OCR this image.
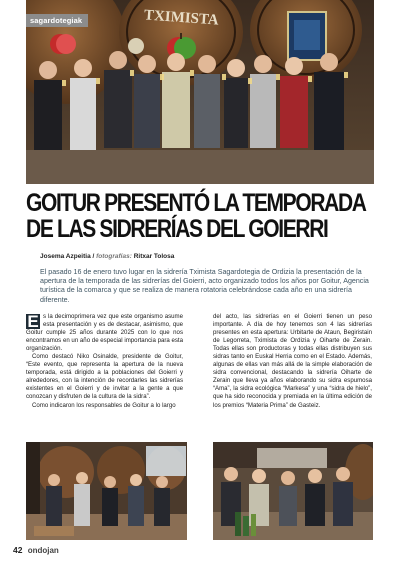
TXIMISTA
sagardotegiak
GOITUR PRESENTÓ LA TEMPORADA
DE LAS SIDRERÍAS DEL GOIERRI
Josema Azpeitia / fotografías: Ritxar Tolosa

El pasado 16 de enero tuvo lugar en la sidrería Tximista Sagardotegia de Ordizia la presentación de la apertura de la temporada de las sidrerías del Goierri, acto organizado todos los años por Goitur, Agencia turística de la comarca y que se realiza de manera rotatoria celebrándose cada año en una sidrería diferente.

E s la decimoprimera vez que este organismo asume esta presentación y es de destacar, asimismo, que Goitur cumple 25 años durante 2025 con lo que nos encontramos en un año de especial importancia para esta organización.

Como destacó Niko Osinalde, presidente de Goitur, “Este evento, que representa la apertura de la nueva temporada, está dirigido a la poblaciones del Goierri y alrededores, con la intención de recordarles las sidrerías existentes en el Goierri y de invitar a la gente a que conozcan y disfruten de la cultura de la sidra”.

Como indicaron los responsables de Goitur a lo largo

del acto, las sidrerías en el Goierri tienen un peso importante. A día de hoy tenemos son 4 las sidrerías presentes en esta apertura: Urbitarte de Ataun, Begiristain de Legorreta, Tximista de Ordizia y Oiharte de Zerain. Todas ellas son productoras y todas ellas distribuyen sus sidras tanto en Euskal Herria como en el Estado. Además, algunas de ellas van más allá de la simple elaboración de sidra convencional, destacando la sidrería Oiharte de Zerain que lleva ya años elaborando su sidra espumosa “Ama”, la sidra ecológica “Markesa” y una “sidra de hielo”, que ha sido reconocida y premiada en la última edición de los premios “Materia Prima” de Gasteiz.

42 ondojan
